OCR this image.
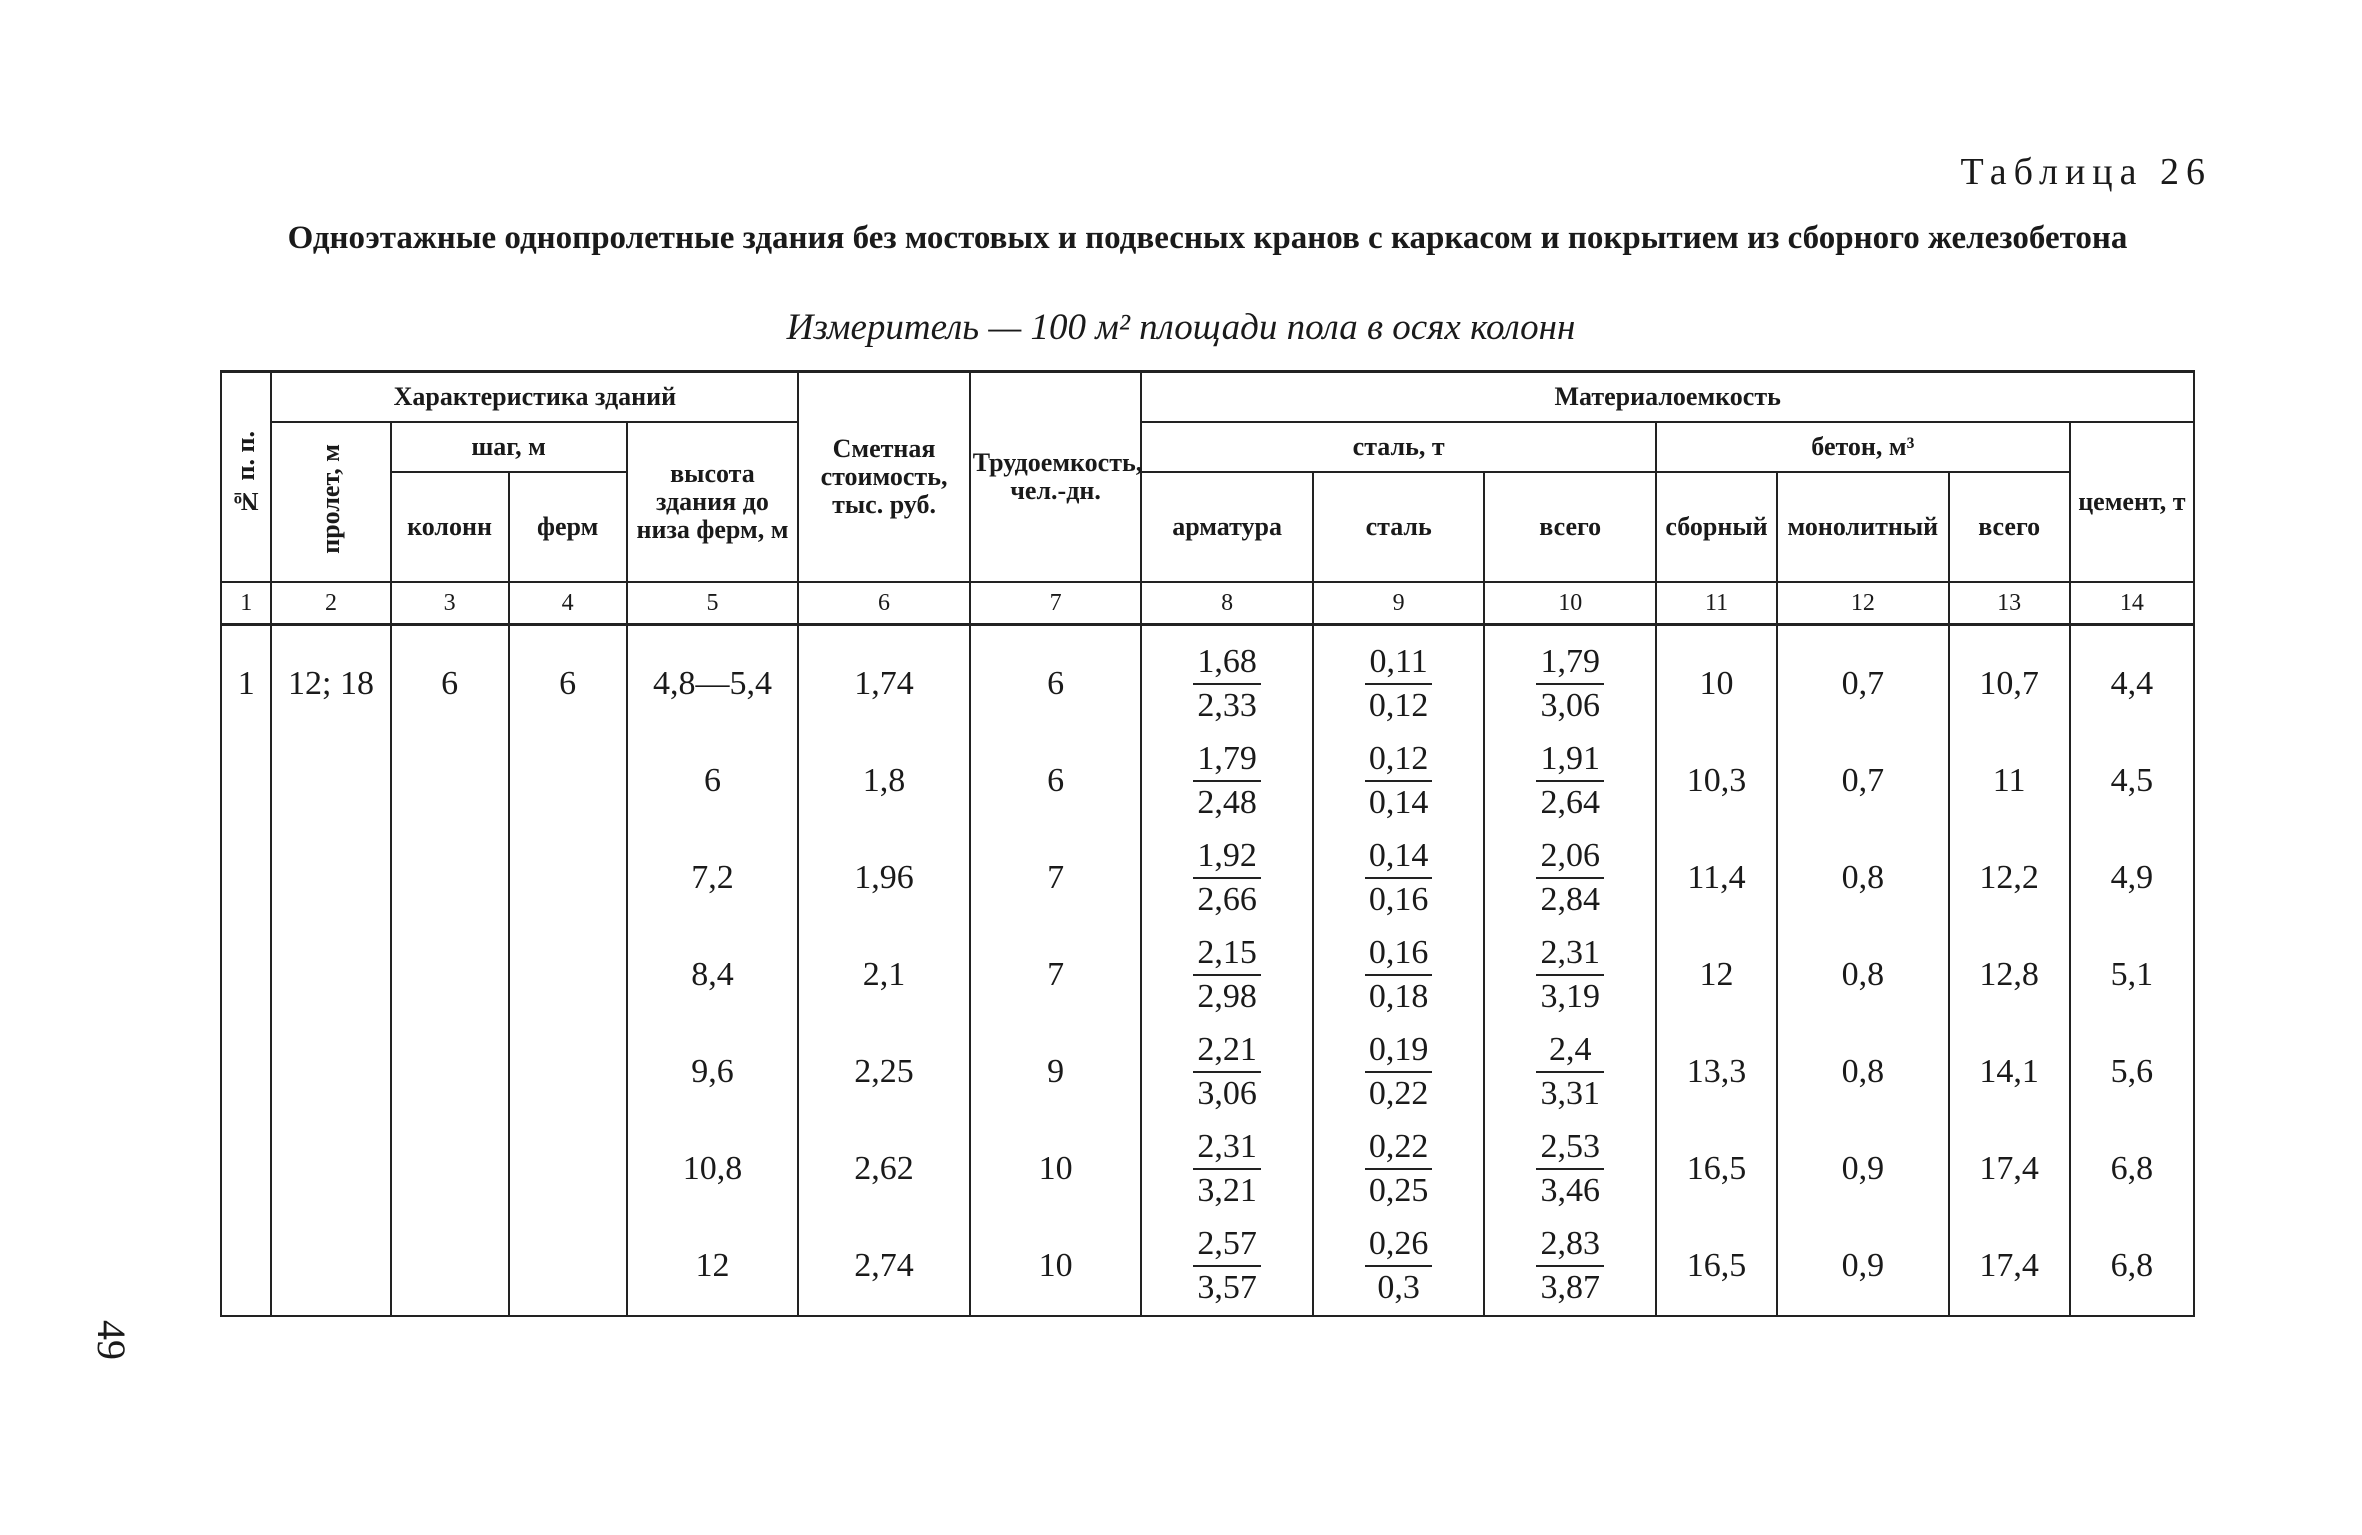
Таблица 26
Одноэтажные однопролетные здания без мостовых и подвесных кранов с каркасом и покрытием из сборного железобетона
Измеритель — 100 м² площади пола в осях колонн
49
№ п. п.	Характеристика зданий				Сметная стоимость, тыс. руб.	Трудоемкость, чел.-дн.	Материалоемкость						
	пролет, м	шаг, м		высота здания до низа ферм, м			сталь, т			бетон, м³			цемент, т
		колонн	ферм				арматура	сталь	всего	сборный	монолитный	всего	

1	2	3	4	5	6	7	8	9	10	11	12	13	14
1	12; 18	6	6	4,8—5,4	1,74	6	$\frac{1,68}{2,33}$	$\frac{0,11}{0,12}$	$\frac{1,79}{3,06}$	10	0,7	10,7	4,4
				6	1,8	6	$\frac{1,79}{2,48}$	$\frac{0,12}{0,14}$	$\frac{1,91}{2,64}$	10,3	0,7	11	4,5
				7,2	1,96	7	$\frac{1,92}{2,66}$	$\frac{0,14}{0,16}$	$\frac{2,06}{2,84}$	11,4	0,8	12,2	4,9
				8,4	2,1	7	$\frac{2,15}{2,98}$	$\frac{0,16}{0,18}$	$\frac{2,31}{3,19}$	12	0,8	12,8	5,1
				9,6	2,25	9	$\frac{2,21}{3,06}$	$\frac{0,19}{0,22}$	$\frac{2,4}{3,31}$	13,3	0,8	14,1	5,6
				10,8	2,62	10	$\frac{2,31}{3,21}$	$\frac{0,22}{0,25}$	$\frac{2,53}{3,46}$	16,5	0,9	17,4	6,8
				12	2,74	10	$\frac{2,57}{3,57}$	$\frac{0,26}{0,3}$	$\frac{2,83}{3,87}$	16,5	0,9	17,4	6,8
